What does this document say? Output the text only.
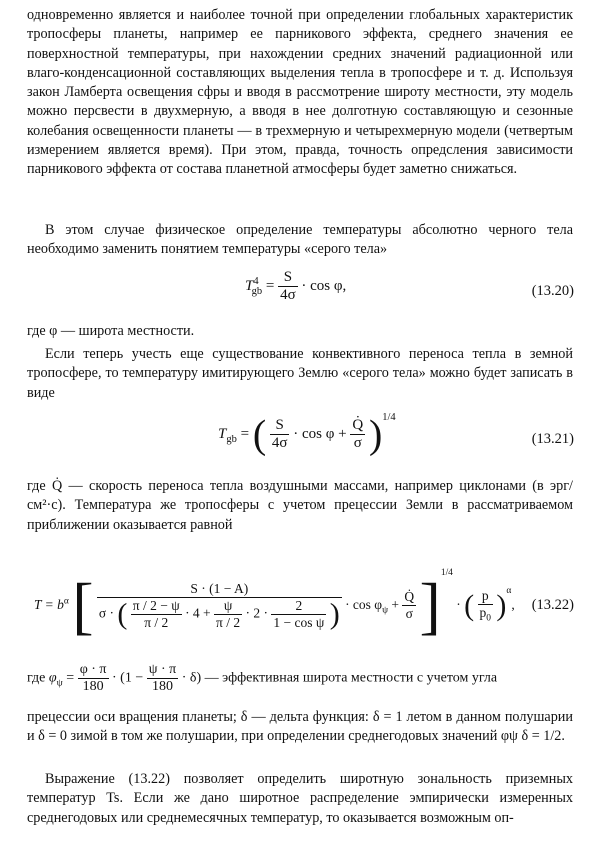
одновременно является и наиболее точной при определении глобальных характеристик тропосферы планеты, например ее парникового эффекта, среднего значения ее поверхностной температуры, при нахождении средних значений радиационной или влаго-конденсационной составляющих выделения тепла в тропосфере и т. д. Используя закон Ламберта освещения сфры и вводя в рассмотрение широту местности, эту модель можно персвести в двухмерную, а вводя в нее долготную составляющую и сезонные колебания освещенности планеты — в трехмерную и четырехмерную модели (четвертым измерением является время). При этом, правда, точность опредсления зависимости парникового эффекта от состава планетной атмосферы будет заметно снижаться.

В этом случае физическое определение температуры абсолютно черного тела необходимо заменить понятием температуры «серого тела»

$T^4_{gb} = \frac{S}{4\sigma} \cdot \cos \varphi$,	(13.20)

где φ — широта местности.

Если теперь учесть еще существование конвективного переноса тепла в земной тропосфере, то температуру имитирующего Землю «серого тела» можно будет записать в виде

$T_{gb}$ = ( $\frac{S}{4\sigma} \cdot \cos \varphi + \frac{Q̇}{\sigma} )^{1/4}$
(13.21)

где Q̇ — скорость переноса тепла воздушными массами, например циклонами (в эрг/см²·с). Температура же тропосферы с учетом прецессии Земли в рассматриваемом приближении оказывается равной

$T = b^\alpha$ [	S · (1 − A)
σ · ( $\frac{\pi / 2 - \psi}{\pi / 2} \cdot 4 + \frac{\psi}{\pi / 2} \cdot 2 \cdot \frac{2}{\text{1 − cos ψ}}$ ) · $\cos \varphi_\psi + \frac{Q̇}{\sigma} ]^{1/4}$ · ( $\frac{p}{p_0} )^\alpha$, (13.22)
где $\varphi_\psi = \frac{\varphi \cdot \pi}{180} \cdot (1 - \frac{\psi \cdot \pi}{180} \cdot \delta)$ — эффективная широта местности с учетом угла

прецессии оси вращения планеты; δ — дельта функция: δ = 1 летом в данном полушарии и δ = 0 зимой в том же полушарии, при определении среднегодовых значений φψ δ = 1/2.

Выражение (13.22) позволяет определить широтную зональность приземных температур Ts. Если же дано широтное распределение эмпирически измеренных среднегодовых или среднемесячных температур, то оказывается возможным оп-
